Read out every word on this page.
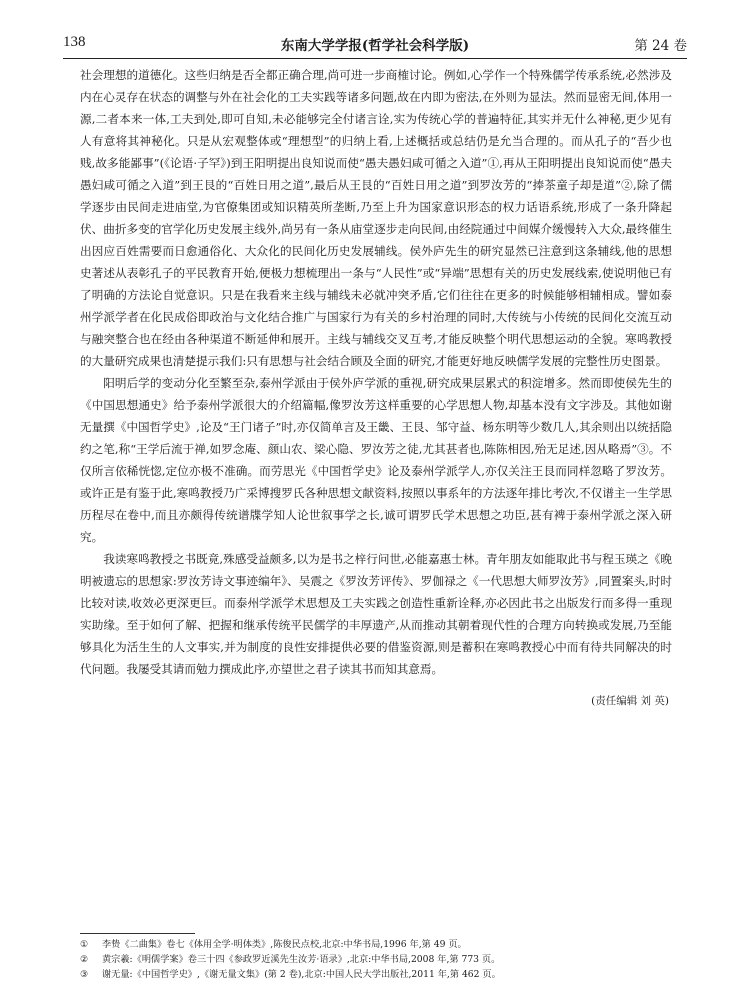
138	东南大学学报(哲学社会科学版)	第 24 卷

社会理想的道德化。这些归纳是否全都正确合理,尚可进一步商榷讨论。例如,心学作一个特殊儒学传承系统,必然涉及内在心灵存在状态的调整与外在社会化的工夫实践等诸多问题,故在内即为密法,在外则为显法。然而显密无间,体用一源,二者本来一体,工夫到处,即可自知,未必能够完全付诸言诠,实为传统心学的普遍特征,其实并无什么神秘,更少见有人有意将其神秘化。只是从宏观整体或“理想型”的归纳上看,上述概括或总结仍是允当合理的。而从孔子的“吾少也贱,故多能鄙事”(《论语·子罕》)到王阳明提出良知说而使“愚夫愚妇咸可循之入道”①,再从王阳明提出良知说而使“愚夫愚妇咸可循之入道”到王艮的“百姓日用之道”,最后从王艮的“百姓日用之道”到罗汝芳的“捧茶童子却是道”②,除了儒学逐步由民间走进庙堂,为官僚集团或知识精英所垄断,乃至上升为国家意识形态的权力话语系统,形成了一条升降起伏、曲折多变的官学化历史发展主线外,尚另有一条从庙堂逐步走向民间,由经院通过中间媒介缓慢转入大众,最终催生出因应百姓需要而日愈通俗化、大众化的民间化历史发展辅线。侯外庐先生的研究显然已注意到这条辅线,他的思想史著述从表彰孔子的平民教育开始,便极力想梳理出一条与“人民性”或“异端”思想有关的历史发展线索,使说明他已有了明确的方法论自觉意识。只是在我看来主线与辅线未必就冲突矛盾,它们往往在更多的时候能够相辅相成。譬如泰州学派学者在化民成俗即政治与文化结合推广与国家行为有关的乡村治理的同时,大传统与小传统的民间化交流互动与融突整合也在经由各种渠道不断延伸和展开。主线与辅线交叉互考,才能反映整个明代思想运动的全貌。寒鸣教授的大量研究成果也清楚提示我们:只有思想与社会结合顾及全面的研究,才能更好地反映儒学发展的完整性历史图景。

阳明后学的变动分化至繁至杂,泰州学派由于侯外庐学派的重视,研究成果层累式的积淀增多。然而即使侯先生的《中国思想通史》给予泰州学派很大的介绍篇幅,像罗汝芳这样重要的心学思想人物,却基本没有文字涉及。其他如谢无量撰《中国哲学史》,论及“王门诸子”时,亦仅简单言及王畿、王艮、邹守益、杨东明等少数几人,其余则出以统括隐约之笔,称“王学后流于禅,如罗念庵、颜山农、梁心隐、罗汝芳之徒,尤其甚者也,陈陈相因,殆无足述,因从略焉”③。不仅所言依稀恍惚,定位亦极不准确。而劳思光《中国哲学史》论及泰州学派学人,亦仅关注王艮而同样忽略了罗汝芳。或许正是有鉴于此,寒鸣教授乃广采博搜罗氏各种思想文献资料,按照以事系年的方法逐年排比考次,不仅谱主一生学思历程尽在卷中,而且亦颇得传统谱牒学知人论世叙事学之长,诚可谓罗氏学术思想之功臣,甚有裨于泰州学派之深入研究。

我读寒鸣教授之书既竟,殊感受益颇多,以为是书之梓行问世,必能嘉惠士林。青年朋友如能取此书与程玉瑛之《晚明被遗忘的思想家:罗汝芳诗文事迹编年》、吴震之《罗汝芳评传》、罗伽禄之《一代思想大师罗汝芳》,同置案头,时时比较对读,收效必更深更巨。而泰州学派学术思想及工夫实践之创造性重新诠释,亦必因此书之出版发行而多得一重现实助缘。至于如何了解、把握和继承传统平民儒学的丰厚遗产,从而推动其朝着现代性的合理方向转换或发展,乃至能够具化为活生生的人文事实,并为制度的良性安排提供必要的借鉴资源,则是蓄积在寒鸣教授心中而有待共同解决的时代问题。我屡受其请而勉力撰成此序,亦望世之君子读其书而知其意焉。

(责任编辑 刘 英)
①	李贽《二曲集》卷七《体用全学·明体类》,陈俊民点校,北京:中华书局,1996 年,第 49 页。
②	黄宗羲:《明儒学案》卷三十四《参政罗近溪先生汝芳·语录》,北京:中华书局,2008 年,第 773 页。
③	谢无量:《中国哲学史》,《谢无量文集》(第 2 卷),北京:中国人民大学出版社,2011 年,第 462 页。
